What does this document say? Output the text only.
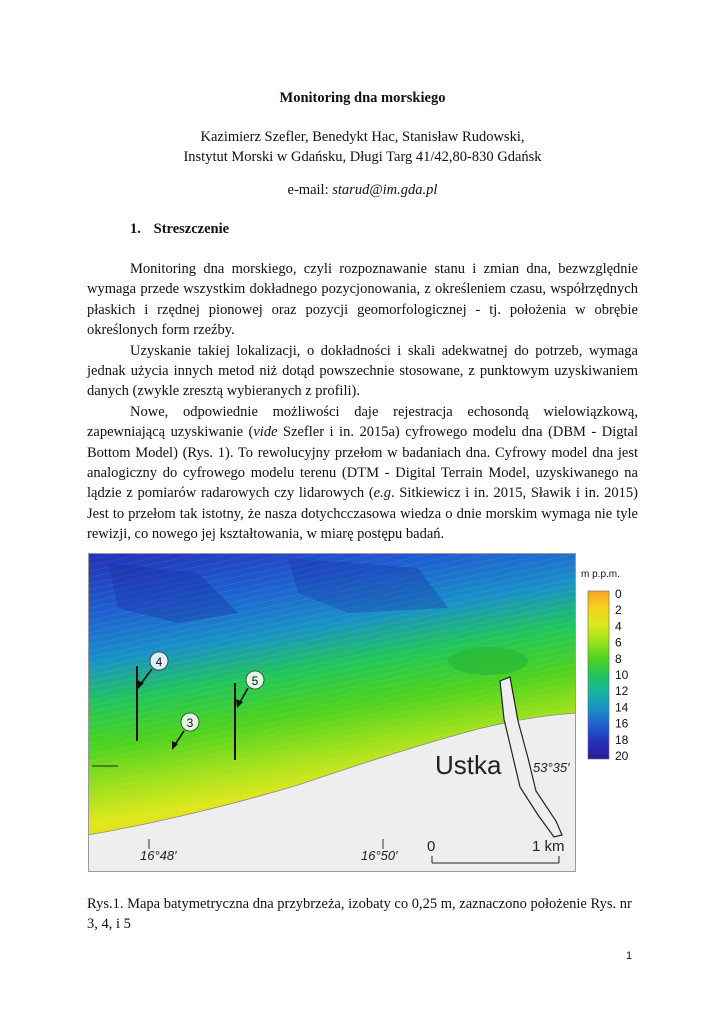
Monitoring dna morskiego
Kazimierz Szefler, Benedykt Hac, Stanisław Rudowski,
Instytut Morski w Gdańsku, Długi Targ 41/42,80-830 Gdańsk
e-mail: starud@im.gda.pl
1. Streszczenie

Monitoring dna morskiego, czyli rozpoznawanie stanu i zmian dna, bezwzględnie wymaga przede wszystkim dokładnego pozycjonowania, z określeniem czasu, współrzędnych płaskich i rzędnej pionowej oraz pozycji geomorfologicznej - tj. położenia w obrębie określonych form rzeźby.

Uzyskanie takiej lokalizacji, o dokładności i skali adekwatnej do potrzeb, wymaga jednak użycia innych metod niż dotąd powszechnie stosowane, z punktowym uzyskiwaniem danych (zwykle zresztą wybieranych z profili).

Nowe, odpowiednie możliwości daje rejestracja echosondą wielowiązkową, zapewniającą uzyskiwanie (vide Szefler i in. 2015a) cyfrowego modelu dna (DBM - Digtal Bottom Model) (Rys. 1). To rewolucyjny przełom w badaniach dna. Cyfrowy model dna jest analogiczny do cyfrowego modelu terenu (DTM - Digital Terrain Model, uzyskiwanego na lądzie z pomiarów radarowych czy lidarowych (e.g. Sitkiewicz i in. 2015, Sławik i in. 2015) Jest to przełom tak istotny, że nasza dotychcczasowa wiedza o dnie morskim wymaga nie tyle rewizji, co nowego jej kształtowania, w miarę postępu badań.

4
5
3
Ustka 53°35′
16°48′	16°50′
0	1 km
m p.p.m.
0
2
4
6
8
10
12
14
16
18
20
Rys.1. Mapa batymetryczna dna przybrzeża, izobaty co 0,25 m, zaznaczono położenie Rys. nr 3, 4, i 5
1
